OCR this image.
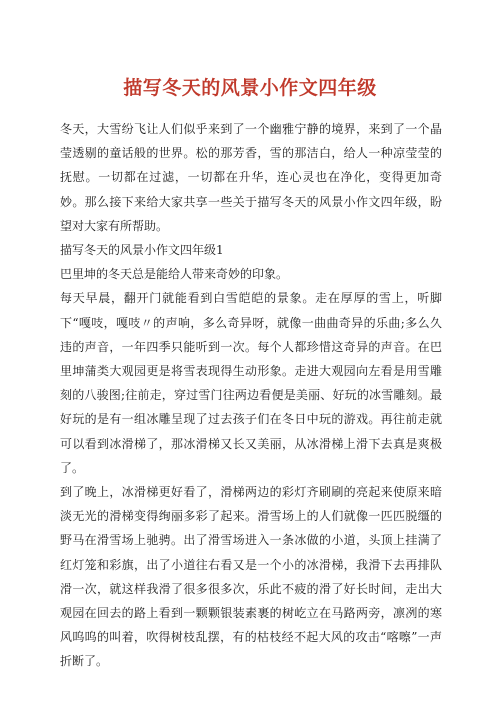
描写冬天的风景小作文四年级

冬天，大雪纷飞让人们似乎来到了一个幽雅宁静的境界，来到了一个晶莹透剔的童话般的世界。松的那芳香，雪的那洁白，给人一种凉莹莹的抚慰。一切都在过滤，一切都在升华，连心灵也在净化，变得更加奇妙。那么接下来给大家共享一些关于描写冬天的风景小作文四年级，盼望对大家有所帮助。

描写冬天的风景小作文四年级1

巴里坤的冬天总是能给人带来奇妙的印象。

每天早晨，翻开门就能看到白雪皑皑的景象。走在厚厚的雪上，听脚下“嘎吱，嘎吱〃的声响，多么奇异呀，就像一曲曲奇异的乐曲;多么久违的声音，一年四季只能听到一次。每个人都珍惜这奇异的声音。在巴里坤蒲类大观园更是将雪表现得生动形象。走进大观园向左看是用雪雕刻的八骏图;往前走，穿过雪门往两边看便是美丽、好玩的冰雪雕刻。最好玩的是有一组冰雕呈现了过去孩子们在冬日中玩的游戏。再往前走就可以看到冰滑梯了，那冰滑梯又长又美丽，从冰滑梯上滑下去真是爽极了。

到了晚上，冰滑梯更好看了，滑梯两边的彩灯齐刷刷的亮起来使原来暗淡无光的滑梯变得绚丽多彩了起来。滑雪场上的人们就像一匹匹脱缰的野马在滑雪场上驰骋。出了滑雪场进入一条冰做的小道，头顶上挂满了红灯笼和彩旗，出了小道往右看又是一个小的冰滑梯，我滑下去再排队滑一次，就这样我滑了很多很多次，乐此不疲的滑了好长时间，走出大观园在回去的路上看到一颗颗银装素裹的树屹立在马路两旁，凛冽的寒风呜呜的叫着，吹得树枝乱摆，有的枯枝经不起大风的攻击“喀嚓”一声折断了。
